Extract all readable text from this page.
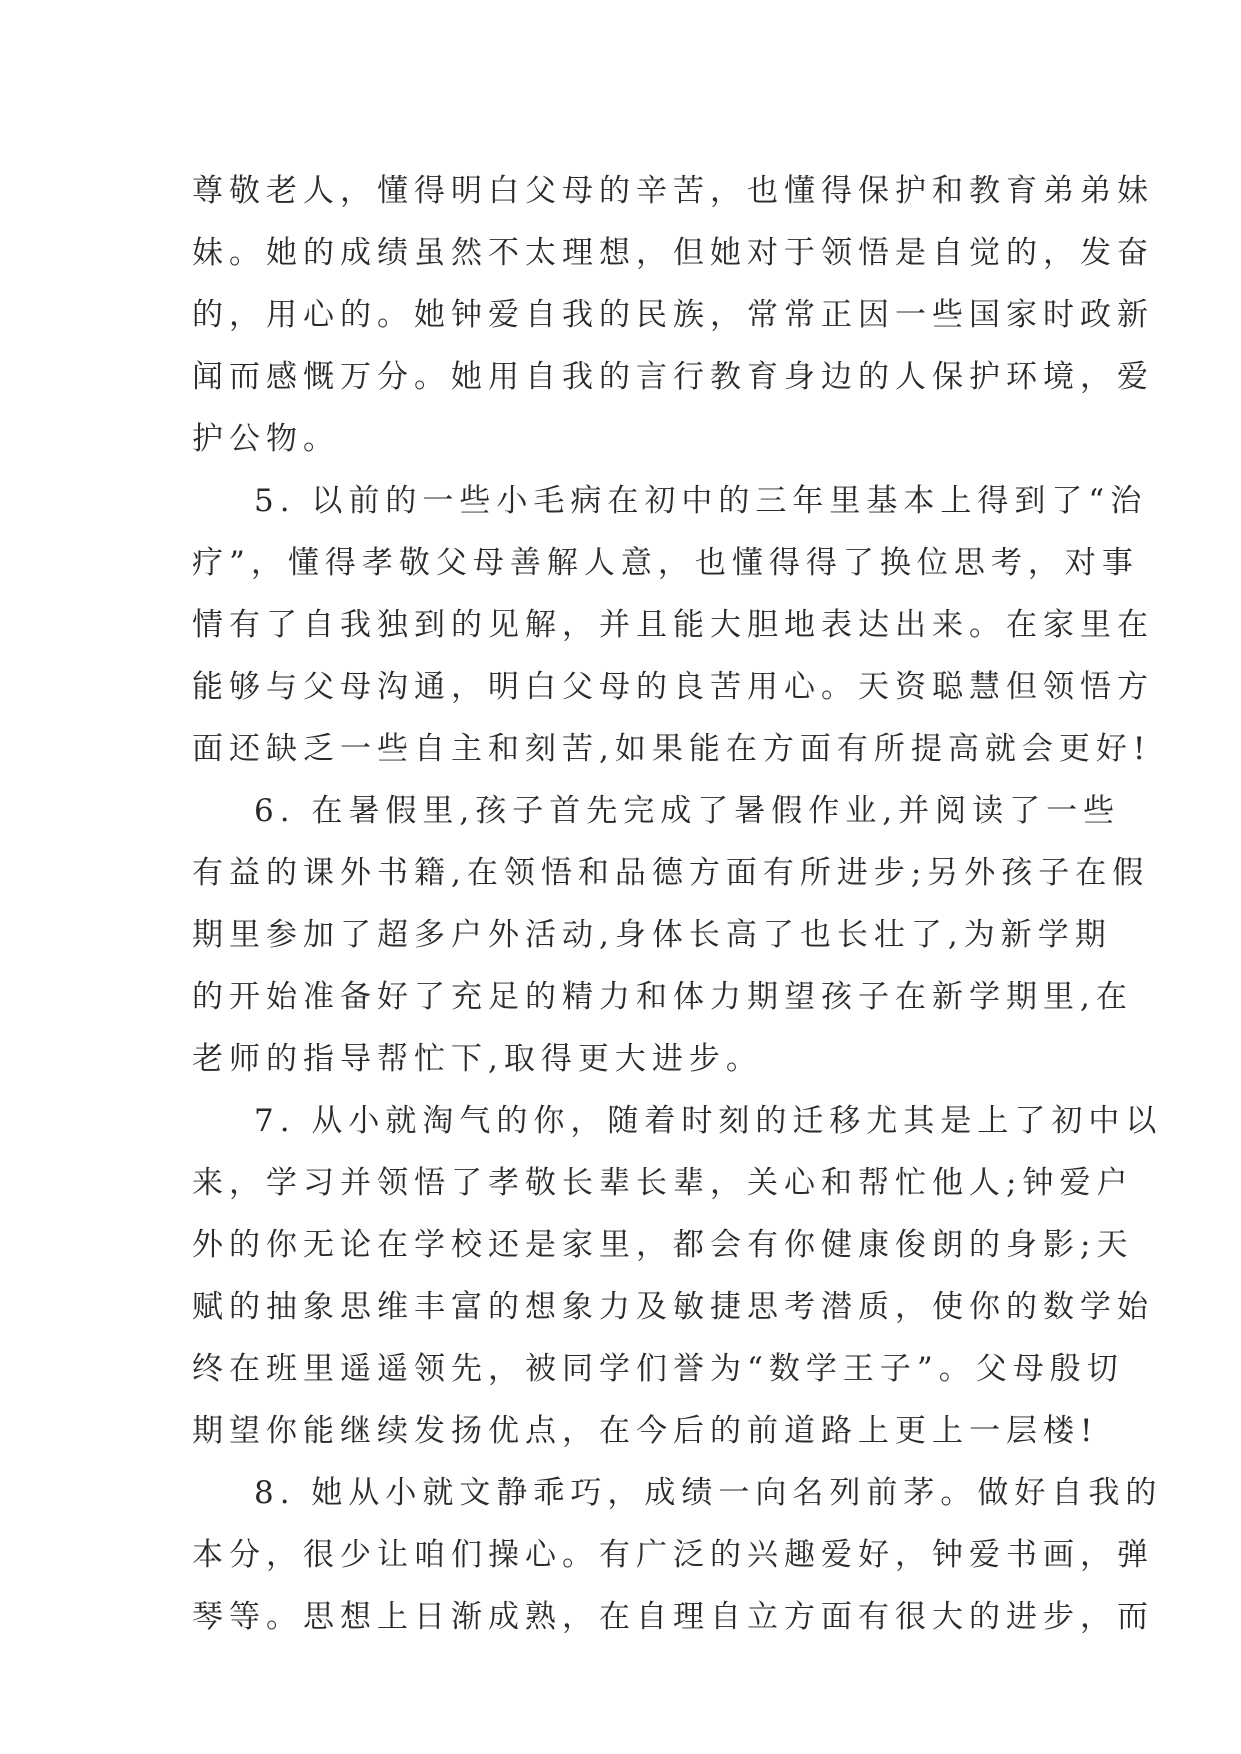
尊敬老人，懂得明白父母的辛苦，也懂得保护和教育弟弟妹
妹。她的成绩虽然不太理想，但她对于领悟是自觉的，发奋
的，用心的。她钟爱自我的民族，常常正因一些国家时政新
闻而感慨万分。她用自我的言行教育身边的人保护环境，爱
护公物。
5. 以前的一些小毛病在初中的三年里基本上得到了“治
疗”，懂得孝敬父母善解人意，也懂得得了换位思考，对事
情有了自我独到的见解，并且能大胆地表达出来。在家里在
能够与父母沟通，明白父母的良苦用心。天资聪慧但领悟方
面还缺乏一些自主和刻苦,如果能在方面有所提高就会更好!
6. 在暑假里,孩子首先完成了暑假作业,并阅读了一些
有益的课外书籍,在领悟和品德方面有所进步;另外孩子在假
期里参加了超多户外活动,身体长高了也长壮了,为新学期
的开始准备好了充足的精力和体力期望孩子在新学期里,在
老师的指导帮忙下,取得更大进步。
7. 从小就淘气的你，随着时刻的迁移尤其是上了初中以
来，学习并领悟了孝敬长辈长辈，关心和帮忙他人;钟爱户
外的你无论在学校还是家里，都会有你健康俊朗的身影;天
赋的抽象思维丰富的想象力及敏捷思考潜质，使你的数学始
终在班里遥遥领先，被同学们誉为“数学王子”。父母殷切
期望你能继续发扬优点，在今后的前道路上更上一层楼!
8. 她从小就文静乖巧，成绩一向名列前茅。做好自我的
本分，很少让咱们操心。有广泛的兴趣爱好，钟爱书画，弹
琴等。思想上日渐成熟，在自理自立方面有很大的进步，而
